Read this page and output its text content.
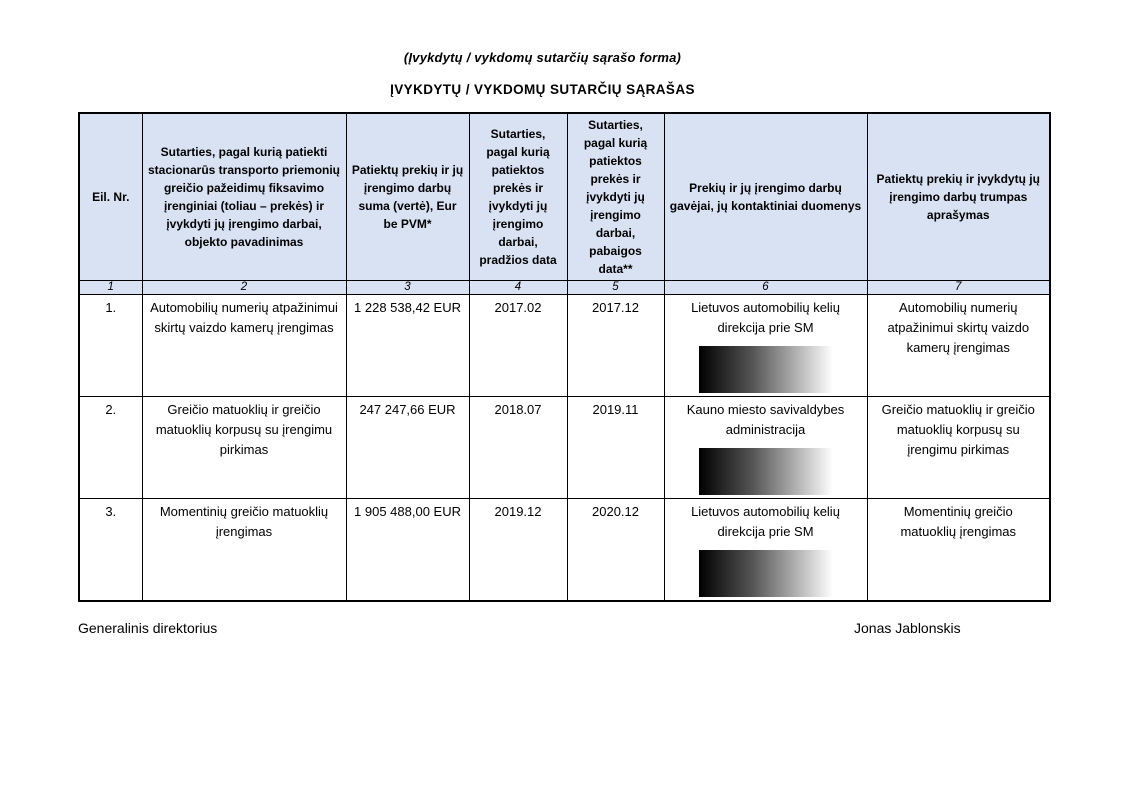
(Įvykdytų / vykdomų sutarčių sąrašo forma)
ĮVYKDYTŲ / VYKDOMŲ SUTARČIŲ SĄRAŠAS
Eil. Nr.	Sutarties, pagal kurią patiekti stacionarūs transporto priemonių greičio pažeidimų fiksavimo įrenginiai (toliau – prekės) ir įvykdyti jų įrengimo darbai, objekto pavadinimas	Patiektų prekių ir jų įrengimo darbų suma (vertė), Eur be PVM*	Sutarties, pagal kurią patiektos prekės ir įvykdyti jų įrengimo darbai, pradžios data	Sutarties, pagal kurią patiektos prekės ir įvykdyti jų įrengimo darbai, pabaigos data**	Prekių ir jų įrengimo darbų gavėjai, jų kontaktiniai duomenys	Patiektų prekių ir įvykdytų jų įrengimo darbų trumpas aprašymas
1	2	3	4	5	6	7
1.	Automobilių numerių atpažinimui skirtų vaizdo kamerų įrengimas	1 228 538,42 EUR	2017.02	2017.12	Lietuvos automobilių kelių direkcija prie SM	Automobilių numerių atpažinimui skirtų vaizdo kamerų įrengimas
2.	Greičio matuoklių ir greičio matuoklių korpusų su įrengimu pirkimas	247 247,66 EUR	2018.07	2019.11	Kauno miesto savivaldybes administracija	Greičio matuoklių ir greičio matuoklių korpusų su įrengimu pirkimas
3.	Momentinių greičio matuoklių įrengimas	1 905 488,00 EUR	2019.12	2020.12	Lietuvos automobilių kelių direkcija prie SM	Momentinių greičio matuoklių įrengimas
Generalinis direktorius	Jonas Jablonskis
